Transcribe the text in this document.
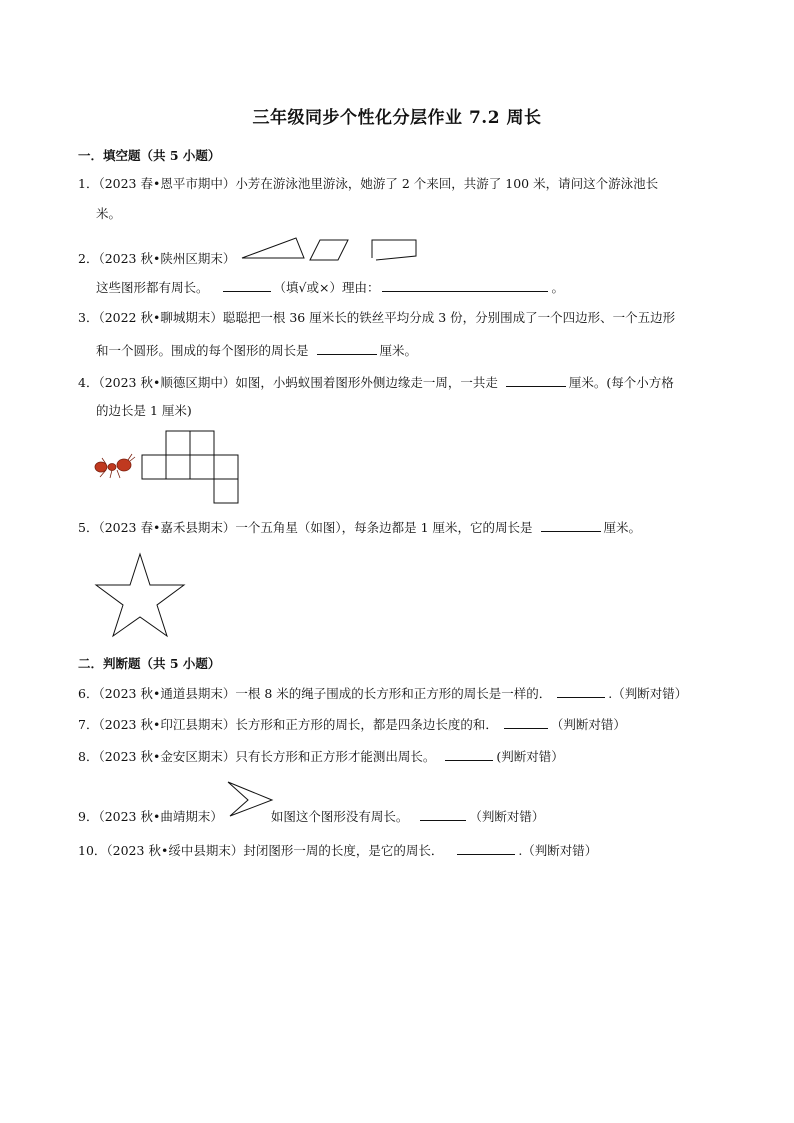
三年级同步个性化分层作业 7.2 周长
一．填空题（共 5 小题）
1．（2023 春•恩平市期中）小芳在游泳池里游泳，她游了 2 个来回，共游了 100 米，请问这个游泳池长
米。
2．（2023 秋•陕州区期末）
这些图形都有周长。	（填√或×）理由：	。
3．（2022 秋•聊城期末）聪聪把一根 36 厘米长的铁丝平均分成 3 份，分别围成了一个四边形、一个五边形
和一个圆形。围成的每个图形的周长是	厘米。
4．（2023 秋•顺德区期中）如图，小蚂蚁围着图形外侧边缘走一周，一共走	厘米。(每个小方格
的边长是 1 厘米)
5．（2023 春•嘉禾县期末）一个五角星（如图），每条边都是 1 厘米，它的周长是	厘米。
二．判断题（共 5 小题）
6．（2023 秋•通道县期末）一根 8 米的绳子围成的长方形和正方形的周长是一样的．	.（判断对错）
7．（2023 秋•印江县期末）长方形和正方形的周长，都是四条边长度的和．	（判断对错）
8．（2023 秋•金安区期末）只有长方形和正方形才能测出周长。	(判断对错）
9．（2023 秋•曲靖期末）	如图这个图形没有周长。	（判断对错）
10．（2023 秋•绥中县期末）封闭图形一周的长度，是它的周长．	.（判断对错）
